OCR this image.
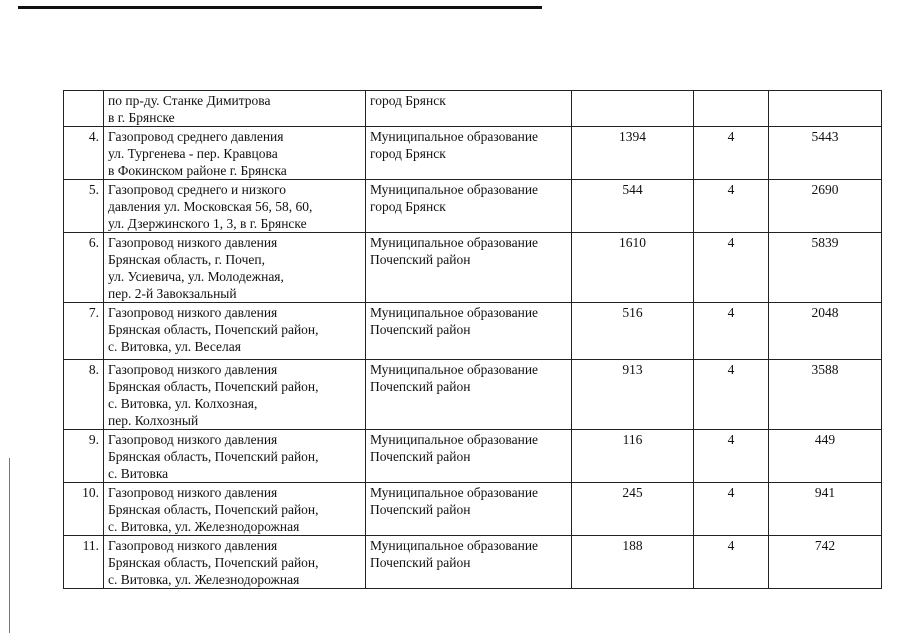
	по пр-ду. Станке Димитрова
в г. Брянске	город Брянск			

4.	Газопровод среднего давления
ул. Тургенева - пер. Кравцова
в Фокинском районе г. Брянска	Муниципальное образование
город Брянск	1394	4	5443
5.	Газопровод среднего и низкого
давления ул. Московская 56, 58, 60,
ул. Дзержинского 1, 3, в г. Брянске	Муниципальное образование
город Брянск	544	4	2690
6.	Газопровод низкого давления
Брянская область, г. Почеп,
ул. Усиевича, ул. Молодежная,
пер. 2-й Завокзальный	Муниципальное образование
Почепский район	1610	4	5839
7.	Газопровод низкого давления
Брянская область, Почепский район,
с. Витовка, ул. Веселая	Муниципальное образование
Почепский район	516	4	2048
8.	Газопровод низкого давления
Брянская область, Почепский район,
с. Витовка, ул. Колхозная,
пер. Колхозный	Муниципальное образование
Почепский район	913	4	3588
9.	Газопровод низкого давления
Брянская область, Почепский район,
с. Витовка	Муниципальное образование
Почепский район	116	4	449
10.	Газопровод низкого давления
Брянская область, Почепский район,
с. Витовка, ул. Железнодорожная	Муниципальное образование
Почепский район	245	4	941
11.	Газопровод низкого давления
Брянская область, Почепский район,
с. Витовка, ул. Железнодорожная	Муниципальное образование
Почепский район	188	4	742
